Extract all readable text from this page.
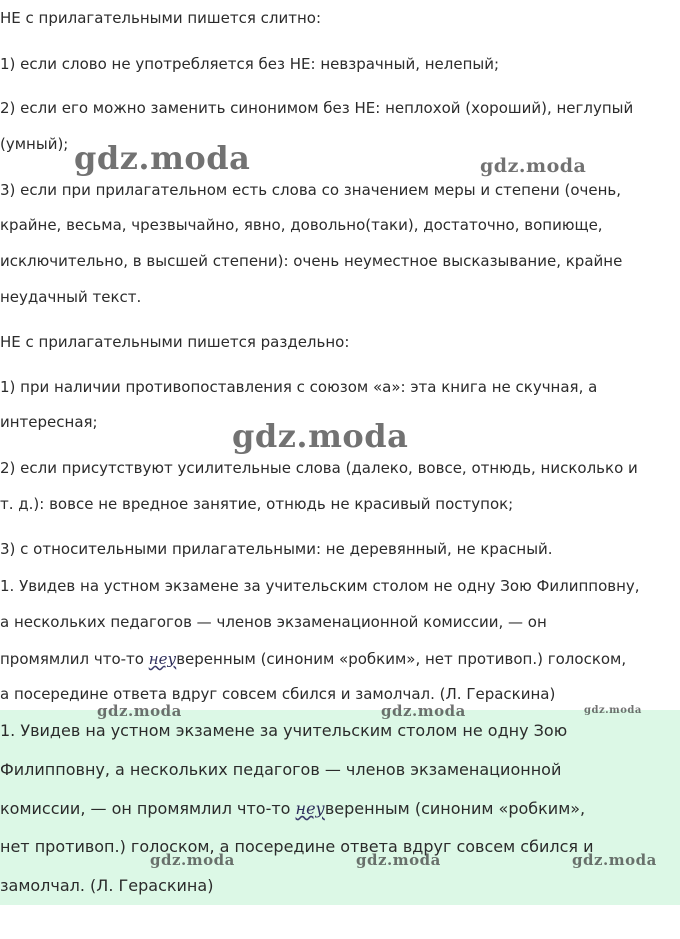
НЕ с прилагательными пишется слитно:

1) если слово не употребляется без НЕ: невзрачный, нелепый;

2) если его можно заменить синонимом без НЕ: неплохой (хороший), неглупый

(умный);

3) если при прилагательном есть слова со значением меры и степени (очень,

крайне, весьма, чрезвычайно, явно, довольно(таки), достаточно, вопиюще,

исключительно, в высшей степени): очень неуместное высказывание, крайне

неудачный текст.

НЕ с прилагательными пишется раздельно:

1) при наличии противопоставления с союзом «а»: эта книга не скучная, а

интересная;

2) если присутствуют усилительные слова (далеко, вовсе, отнюдь, нисколько и

т. д.): вовсе не вредное занятие, отнюдь не красивый поступок;

3) с относительными прилагательными: не деревянный, не красный.

1. Увидев на устном экзамене за учительским столом не одну Зою Филипповну,

а нескольких педагогов — членов экзаменационной комиссии, — он

промямлил что-то неуверенным (синоним «робким», нет противоп.) голоском,

а посередине ответа вдруг совсем сбился и замолчал. (Л. Гераскина)

1. Увидев на устном экзамене за учительским столом не одну Зою

Филипповну, а нескольких педагогов — членов экзаменационной

комиссии, — он промямлил что-то неуверенным (синоним «робким»,

нет противоп.) голоском, а посередине ответа вдруг совсем сбился и

замолчал. (Л. Гераскина)

gdz.moda	gdz.moda
gdz.moda
gdz.moda	gdz.moda	gdz.moda
gdz.moda	gdz.moda	gdz.moda
